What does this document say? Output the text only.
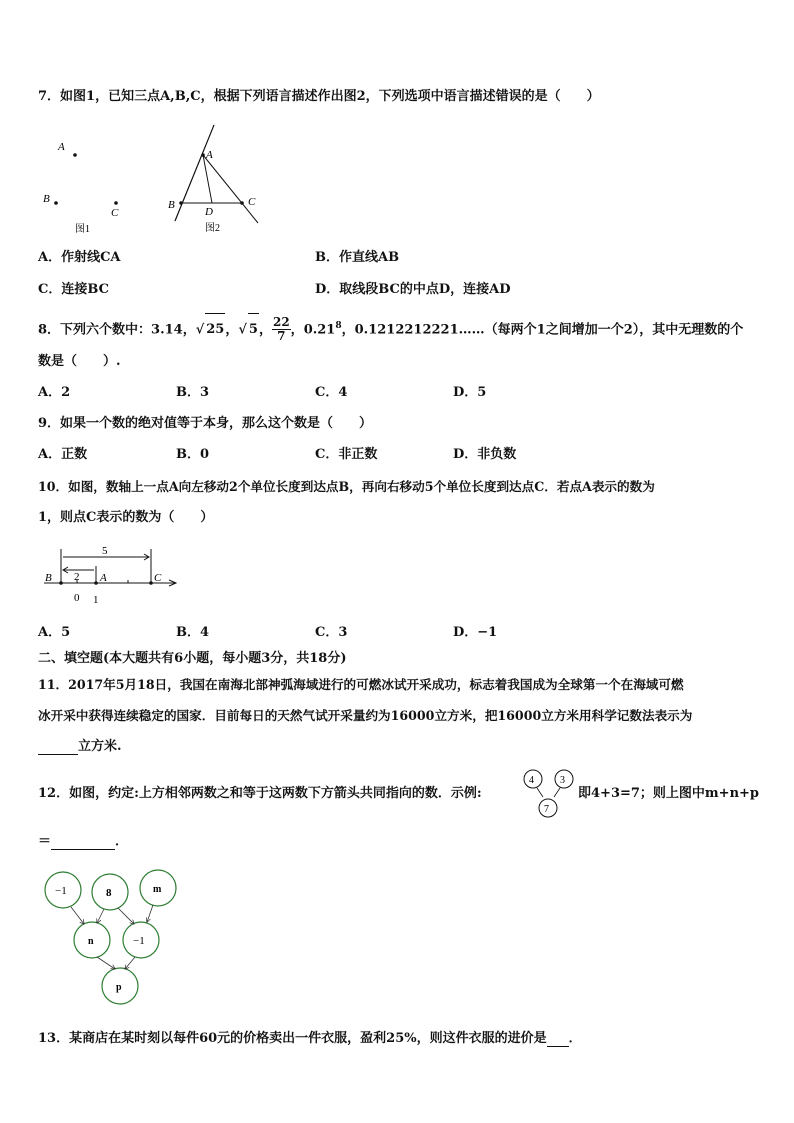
7．如图1，已知三点A,B,C，根据下列语言描述作出图2，下列选项中语言描述错误的是（　　）
A
B
C
图1
A
B	C
D
图2
A．作射线CA	B．作直线AB
C．连接BC	D．取线段BC的中点D，连接AD
8．下列六个数中：3.14，√ 25，√ 5， $\frac{22}{7}$ ，0.21$^8$，0.1212212221……（每两个1之间增加一个2），其中无理数的个
数是（　　）.
A．2	B．3	C．4	D．5
9．如果一个数的绝对值等于本身，那么这个数是（　　）
A．正数	B．0	C．非正数	D．非负数
10．如图，数轴上一点A向左移动2个单位长度到达点B，再向右移动5个单位长度到达点C．若点A表示的数为
1，则点C表示的数为（　　）
5
2
B	A	C
0 1
A．5	B．4	C．3	D．−1
二、填空题(本大题共有6小题，每小题3分，共18分)
11．2017年5月18日，我国在南海北部神弧海域进行的可燃冰试开采成功，标志着我国成为全球第一个在海域可燃
冰开采中获得连续稳定的国家．目前每日的天然气试开采量约为16000立方米，把16000立方米用科学记数法表示为
立方米.
12．如图，约定:上方相邻两数之和等于这两数下方箭头共同指向的数．示例:
4	3
7
即4+3=7；则上图中m+n+p
＝	．
−1	8	m
n	−1
p
13．某商店在某时刻以每件60元的价格卖出一件衣服，盈利25%，则这件衣服的进价是 ．
